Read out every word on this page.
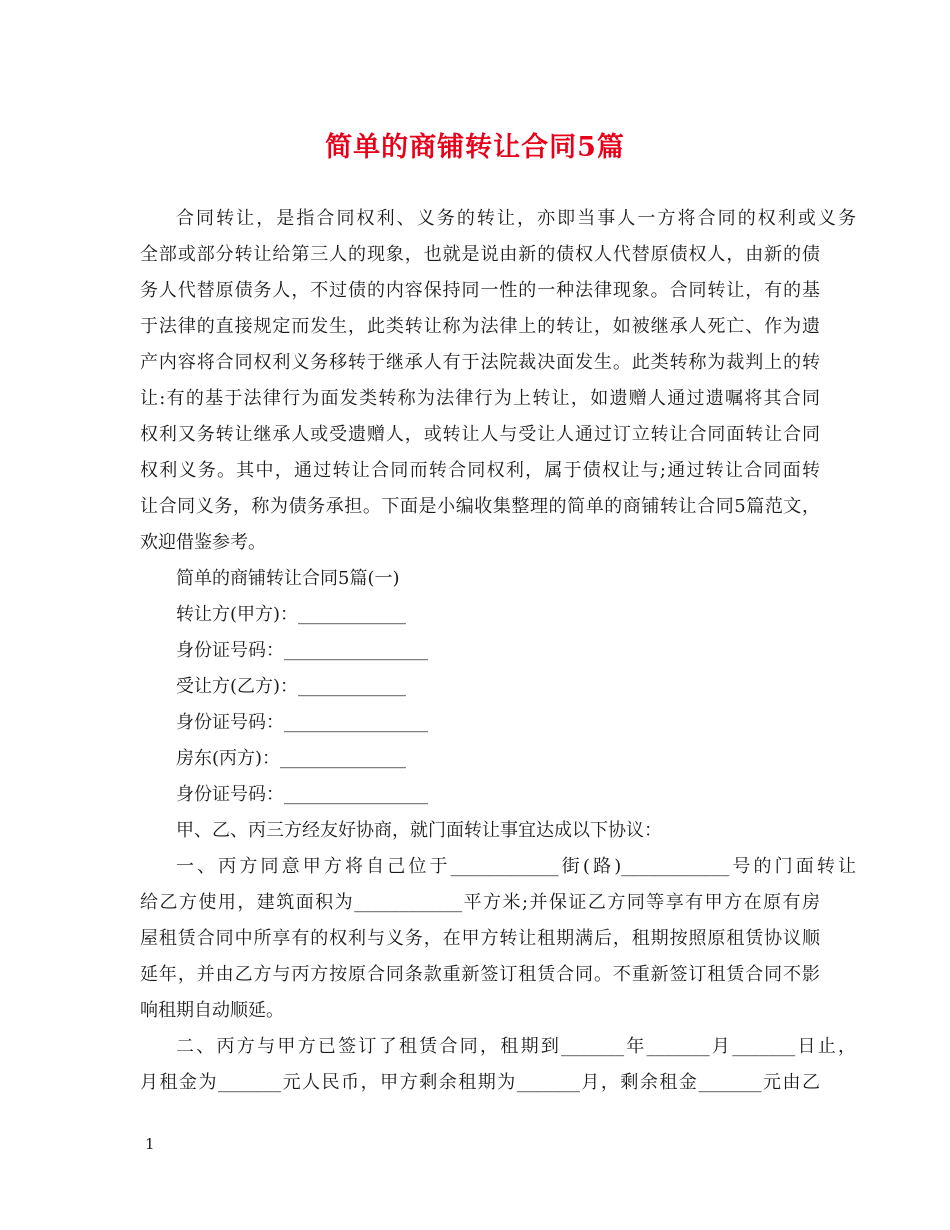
简单的商铺转让合同5篇
合同转让，是指合同权利、义务的转让，亦即当事人一方将合同的权利或义务
全部或部分转让给第三人的现象，也就是说由新的债权人代替原债权人，由新的债
务人代替原债务人，不过债的内容保持同一性的一种法律现象。合同转让，有的基
于法律的直接规定而发生，此类转让称为法律上的转让，如被继承人死亡、作为遗
产内容将合同权利义务移转于继承人有于法院裁决面发生。此类转称为裁判上的转
让:有的基于法律行为面发类转称为法律行为上转让，如遗赠人通过遗嘱将其合同
权利又务转让继承人或受遗赠人，或转让人与受让人通过订立转让合同面转让合同
权利义务。其中，通过转让合同而转合同权利，属于债权让与;通过转让合同面转
让合同义务，称为债务承担。下面是小编收集整理的简单的商铺转让合同5篇范文，
欢迎借鉴参考。
简单的商铺转让合同5篇(一)
转让方(甲方)：____________
身份证号码：________________
受让方(乙方)：____________
身份证号码：________________
房东(丙方)：______________
身份证号码：________________
甲、乙、丙三方经友好协商，就门面转让事宜达成以下协议：
一、丙方同意甲方将自己位于____________街(路)____________号的门面转让
给乙方使用，建筑面积为____________平方米;并保证乙方同等享有甲方在原有房
屋租赁合同中所享有的权利与义务，在甲方转让租期满后，租期按照原租赁协议顺
延年，并由乙方与丙方按原合同条款重新签订租赁合同。不重新签订租赁合同不影
响租期自动顺延。
二、丙方与甲方已签订了租赁合同，租期到_______年_______月_______日止，
月租金为_______元人民币，甲方剩余租期为_______月，剩余租金_______元由乙
1
